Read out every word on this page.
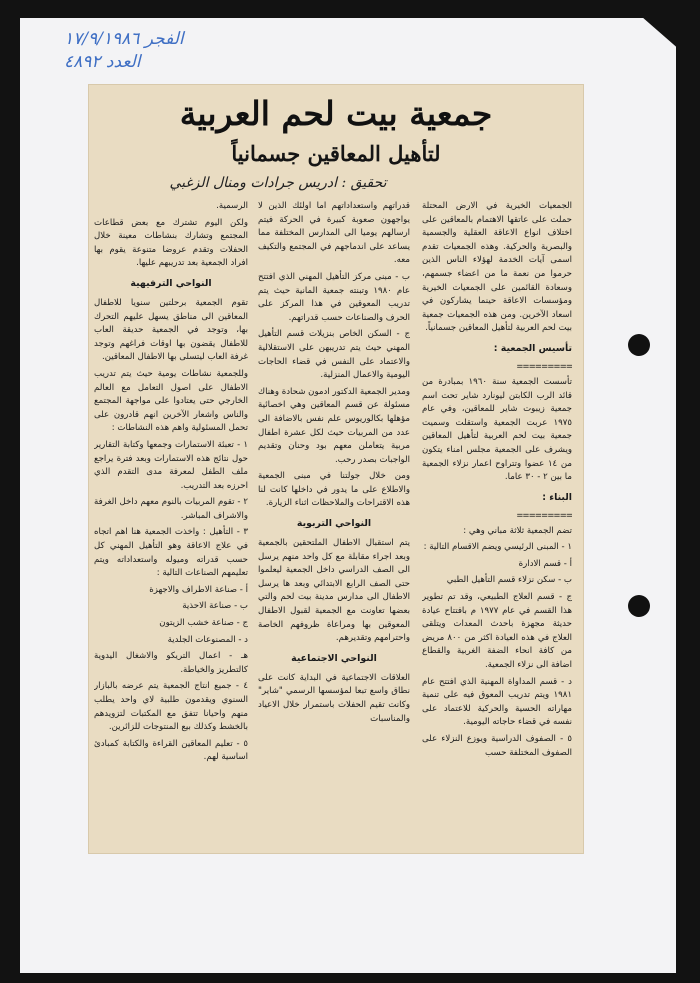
الفجر ١٧/٩/١٩٨٦
العدد ٤٨٩٢
جمعية بيت لحم العربية
لتأهيل المعاقين جسمانياً
تحقيق : ادريس جرادات ومنال الزغبي

الجمعيات الخيرية في الارض المحتلة حملت على عاتقها الاهتمام بالمعاقين على اختلاف انواع الاعاقة العقلية والجسمية والبصرية والحركية. وهذه الجمعيات تقدم اسمى آيات الخدمة لهؤلاء الناس الذين حرموا من نعمة ما من اعضاء جسمهم، وسعادة القائمين على الجمعيات الخيرية ومؤسسات الاعاقة حينما يشاركون في اسعاد الآخرين. ومن هذه الجمعيات جمعية بيت لحم العربية لتأهيل المعاقين جسمانياً.

تأسيس الجمعية :
=========

تأسست الجمعية سنة ١٩٦٠ بمبادرة من قائد الرب الكابتن ليونارد شاير تحت اسم جمعية زيبوت شاير للمعاقين، وفي عام ١٩٧٥ عربت الجمعية واستقلت وسميت جمعية بيت لحم العربية لتأهيل المعاقين ويشرف على الجمعية مجلس امناء يتكون من ١٤ عضوا وتتراوح اعمار نزلاء الجمعية ما بين ٢ - ٣٠ عاما.

البناء :
=========

تضم الجمعية ثلاثة مباني وهي :

١ - المبنى الرئيسي ويضم الاقسام التالية :

أ - قسم الادارة

ب - سكن نزلاء قسم التأهيل الطبي

ج - قسم العلاج الطبيعي، وقد تم تطوير هذا القسم في عام ١٩٧٧ م بافتتاح عيادة حديثة مجهزة باحدث المعدات ويتلقى العلاج في هذه العيادة اكثر من ٨٠٠ مريض من كافة انحاء الضفة الغربية والقطاع اضافة الى نزلاء الجمعية.

د - قسم المداواة المهنية الذي افتتح عام ١٩٨١ ويتم تدريب المعوق فيه على تنمية مهاراته الحسية والحركية للاعتماد على نفسه في قضاء حاجاته اليومية.

٥ - الصفوف الدراسية ويوزع النزلاء على الصفوف المختلفة حسب

قدراتهم واستعداداتهم اما اولئك الذين لا يواجهون صعوبة كبيرة في الحركة فيتم ارسالهم يوميا الى المدارس المختلفة مما يساعد على اندماجهم في المجتمع والتكيف معه.

ب - مبنى مركز التأهيل المهني الذي افتتح عام ١٩٨٠ وتبنته جمعية المانية حيث يتم تدريب المعوقين في هذا المركز على الحرف والصناعات حسب قدراتهم.

ج - السكن الخاص بنزيلات قسم التأهيل المهني حيث يتم تدريبهن على الاستقلالية والاعتماد على النفس في قضاء الحاجات اليومية والاعمال المنزلية.

ومدير الجمعية الدكتور ادمون شحادة وهناك مسئولة عن قسم المعاقين وهي اخصائية مؤهلها بكالوريوس علم نفس بالاضافة الى عدد من المربيات حيث لكل عشرة اطفال مربية يتعاملن معهم بود وحنان وتقديم الواجبات بصدر رحب.

ومن خلال جولتنا في مبنى الجمعية والاطلاع على ما يدور في داخلها كانت لنا هذه الاقتراحات والملاحظات اثناء الزيارة.

النواحي التربوية

يتم استقبال الاطفال الملتحقين بالجمعية وبعد اجراء مقابلة مع كل واحد منهم يرسل الى الصف الدراسي داخل الجمعية ليعلموا حتى الصف الرابع الابتدائي وبعد ها يرسل الاطفال الى مدارس مدينة بيت لحم والتي بعضها تعاونت مع الجمعية لقبول الاطفال المعوقين بها ومراعاة ظروفهم الخاصة واحترامهم وتقديرهم.

النواحي الاجتماعية

العلاقات الاجتماعية في البداية كانت على نطاق واسع تبعا لمؤسسها الرسمي "شاير" وكانت تقيم الحفلات باستمرار خلال الاعياد والمناسبات

الرسمية.

ولكن اليوم تشترك مع بعض قطاعات المجتمع وتشارك بنشاطات معينة خلال الحفلات وتقدم عروضا متنوعة يقوم بها افراد الجمعية بعد تدريبهم عليها.

النواحي الترفيهية

تقوم الجمعية برحلتين سنويا للاطفال المعاقين الى مناطق يسهل عليهم التحرك بها، وتوجد في الجمعية حديقة العاب للاطفال يقضون بها اوقات فراغهم وتوجد غرفة العاب ليتسلى بها الاطفال المعاقين.

وللجمعية نشاطات يومية حيث يتم تدريب الاطفال على اصول التعامل مع العالم الخارجي حتى يعتادوا على مواجهة المجتمع والناس واشعار الآخرين انهم قادرون على تحمل المسئولية واهم هذه النشاطات :

١ - تعبئة الاستمارات وجمعها وكتابة التقارير حول نتائج هذه الاستمارات وبعد فترة يراجع ملف الطفل لمعرفة مدى التقدم الذي احرزه بعد التدريب.

٢ - تقوم المربيات بالنوم معهم داخل الغرفة والاشراف المباشر.

٣ - التأهيل : واخذت الجمعية هنا اهم اتجاه في علاج الاعاقة وهو التأهيل المهني كل حسب قدراته وميوله واستعداداته ويتم تعليمهم الصناعات التالية :

أ - صناعة الاطراف والاجهزة

ب - صناعة الاحذية

ج - صناعة خشب الزيتون

د - المصنوعات الجلدية

هـ - اعمال التريكو والاشغال اليدوية كالتطريز والخياطة.

٤ - جميع انتاج الجمعية يتم عرضه بالبازار السنوي ويقدمون طلبية لاي واحد يطلب منهم واحيانا تتفق مع المكتبات لتزويدهم بالخشط وكذلك بيع المنتوجات للزائرين.

٥ - تعليم المعاقين القراءة والكتابة كمبادئ اساسية لهم.
